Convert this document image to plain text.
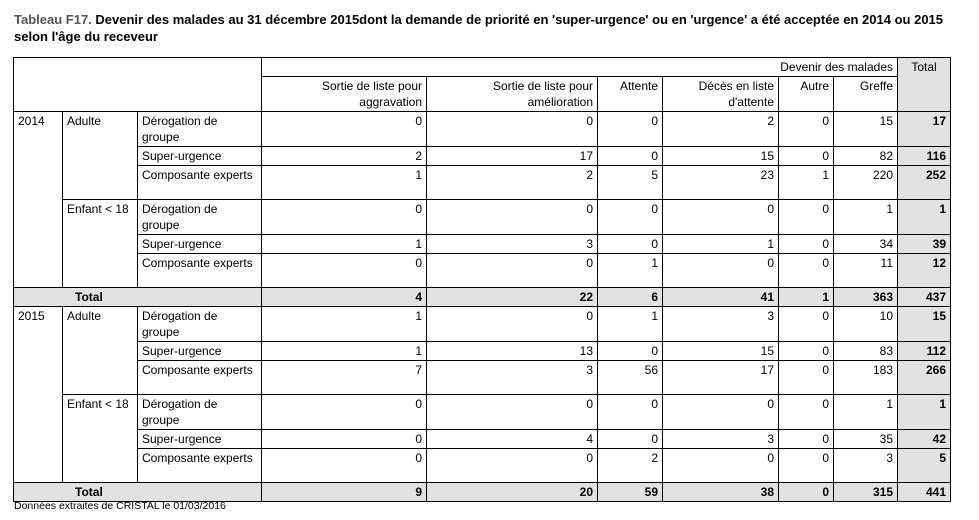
Tableau F17. Devenir des malades au 31 décembre 2015dont la demande de priorité en 'super-urgence' ou en 'urgence' a été acceptée en 2014 ou 2015 selon l'âge du receveur
			Devenir des malades						Total
			Sortie de liste pour aggravation	Sortie de liste pour amélioration	Attente	Décès en liste d'attente	Autre	Greffe	
2014	Adulte	Dérogation de groupe	0	0	0	2	0	15	17
		Super-urgence	2	17	0	15	0	82	116
		Composante experts	1	2	5	23	1	220	252
	Enfant < 18	Dérogation de groupe	0	0	0	0	0	1	1
		Super-urgence	1	3	0	1	0	34	39
		Composante experts	0	0	1	0	0	11	12
Total			4	22	6	41	1	363	437
2015	Adulte	Dérogation de groupe	1	0	1	3	0	10	15
		Super-urgence	1	13	0	15	0	83	112
		Composante experts	7	3	56	17	0	183	266
	Enfant < 18	Dérogation de groupe	0	0	0	0	0	1	1
		Super-urgence	0	4	0	3	0	35	42
		Composante experts	0	0	2	0	0	3	5
Total			9	20	59	38	0	315	441
Données extraites de CRISTAL le 01/03/2016
